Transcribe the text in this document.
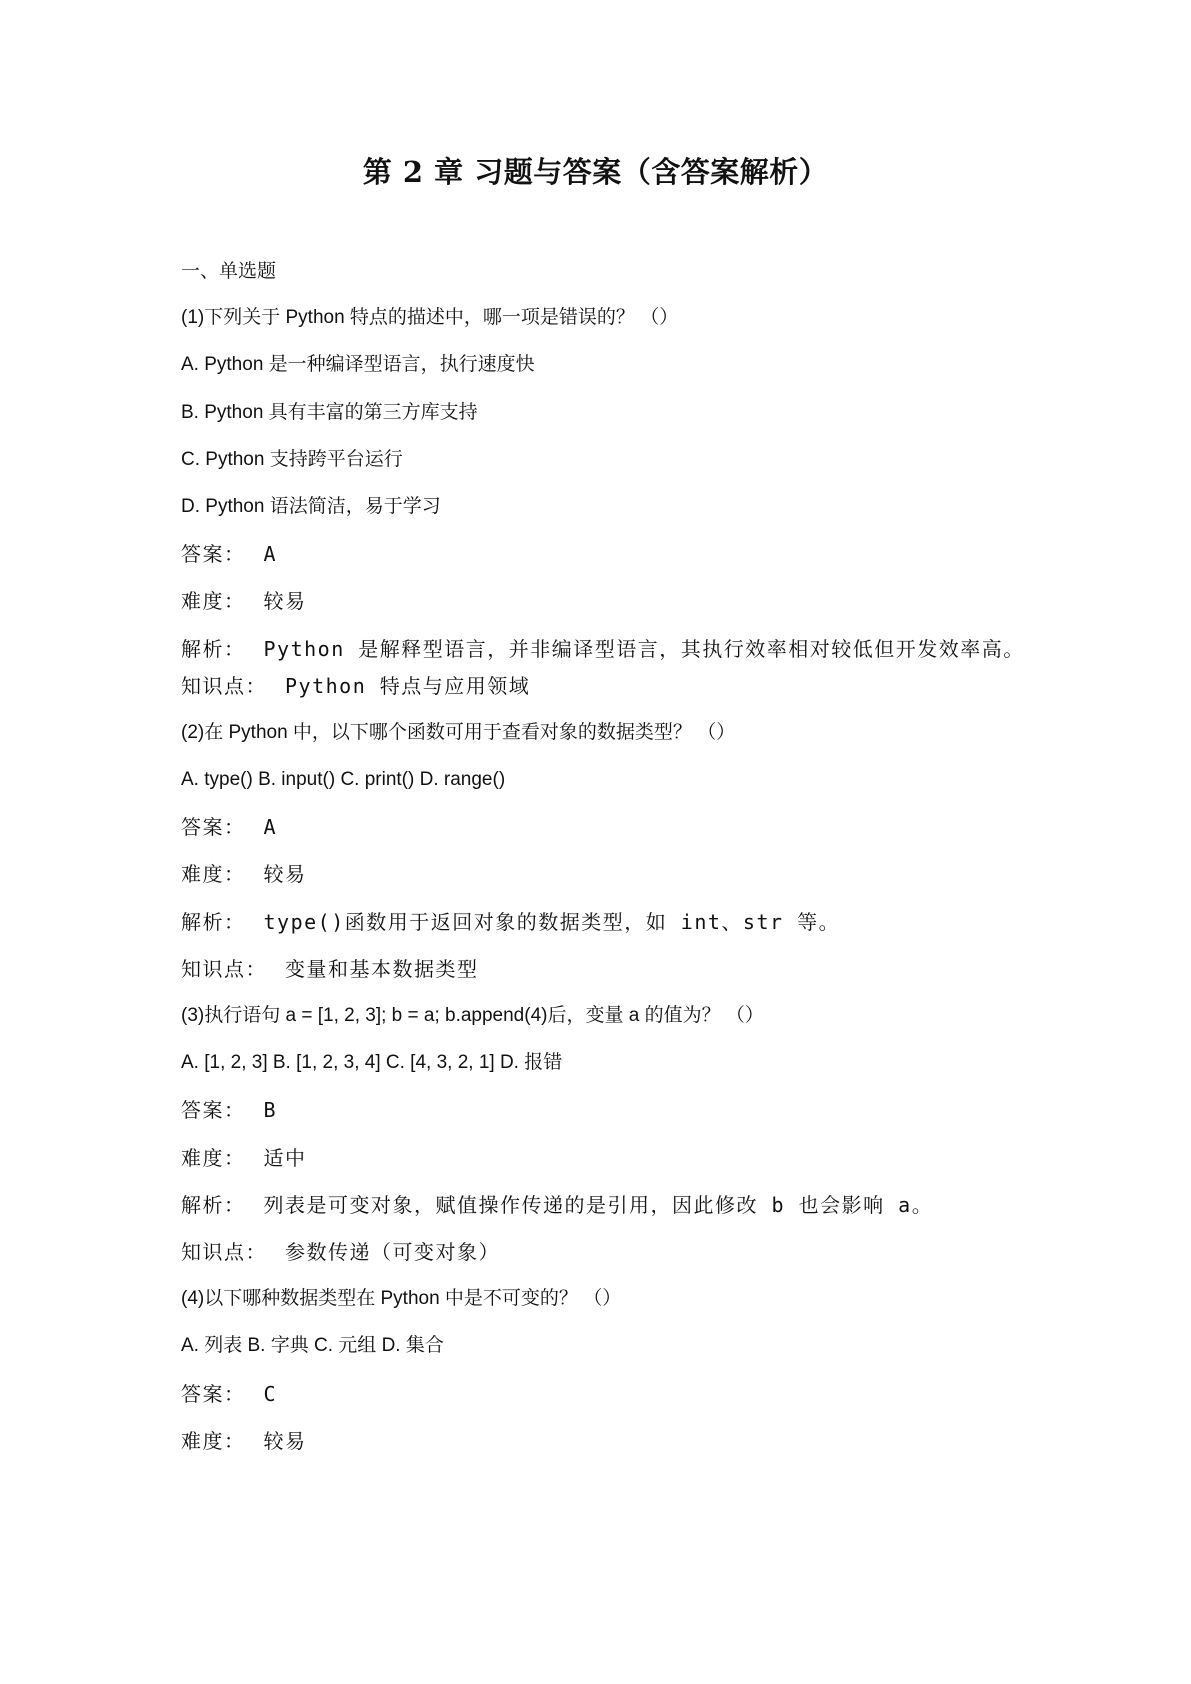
第 2 章 习题与答案（含答案解析）
一、单选题
(1)下列关于 Python 特点的描述中，哪一项是错误的？ （）
A. Python 是一种编译型语言，执行速度快
B. Python 具有丰富的第三方库支持
C. Python 支持跨平台运行
D. Python 语法简洁，易于学习
答案： A
难度： 较易
解析： Python 是解释型语言，并非编译型语言，其执行效率相对较低但开发效率高。
知识点： Python 特点与应用领域
(2)在 Python 中，以下哪个函数可用于查看对象的数据类型？ （）
A. type() B. input() C. print() D. range()
答案： A
难度： 较易
解析： type()函数用于返回对象的数据类型，如 int、str 等。
知识点： 变量和基本数据类型
(3)执行语句 a = [1, 2, 3]; b = a; b.append(4)后，变量 a 的值为？ （）
A. [1, 2, 3] B. [1, 2, 3, 4] C. [4, 3, 2, 1] D. 报错
答案： B
难度： 适中
解析： 列表是可变对象，赋值操作传递的是引用，因此修改 b 也会影响 a。
知识点： 参数传递（可变对象）
(4)以下哪种数据类型在 Python 中是不可变的？ （）
A. 列表 B. 字典 C. 元组 D. 集合
答案： C
难度： 较易
